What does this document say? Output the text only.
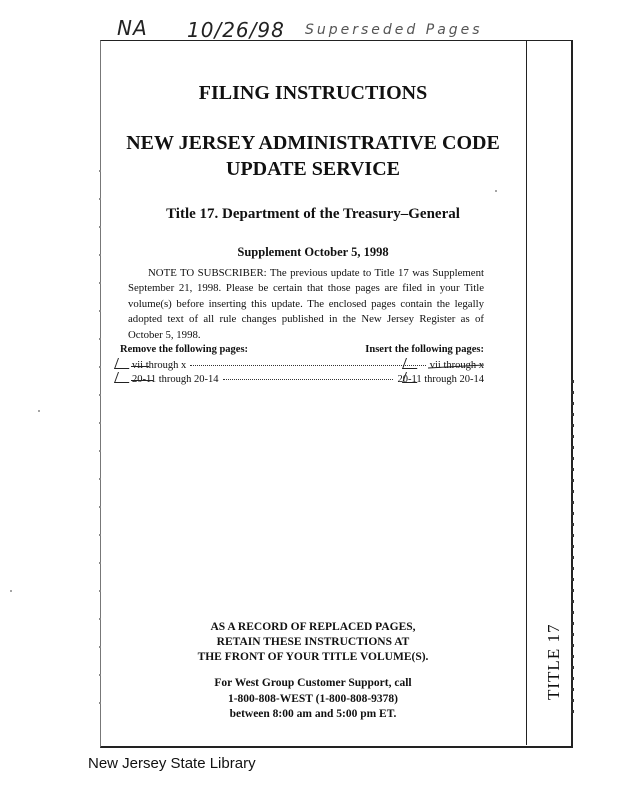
NA 10/26/98 Superseded Pages
TITLE 17
FILING INSTRUCTIONS
NEW JERSEY ADMINISTRATIVE CODE
UPDATE SERVICE
Title 17. Department of the Treasury–General
Supplement October 5, 1998
NOTE TO SUBSCRIBER: The previous update to Title 17 was Supplement September 21, 1998. Please be certain that those pages are filed in your Title volume(s) before inserting this update. The enclosed pages contain the legally adopted text of all rule changes published in the New Jersey Register as of October 5, 1998.
Remove the following pages:	Insert the following pages:
vii through x	vii through x
20-11 through 20-14	20-11 through 20-14
AS A RECORD OF REPLACED PAGES,
RETAIN THESE INSTRUCTIONS AT
THE FRONT OF YOUR TITLE VOLUME(S).
For West Group Customer Support, call
1-800-808-WEST (1-800-808-9378)
between 8:00 am and 5:00 pm ET.
New Jersey State Library
